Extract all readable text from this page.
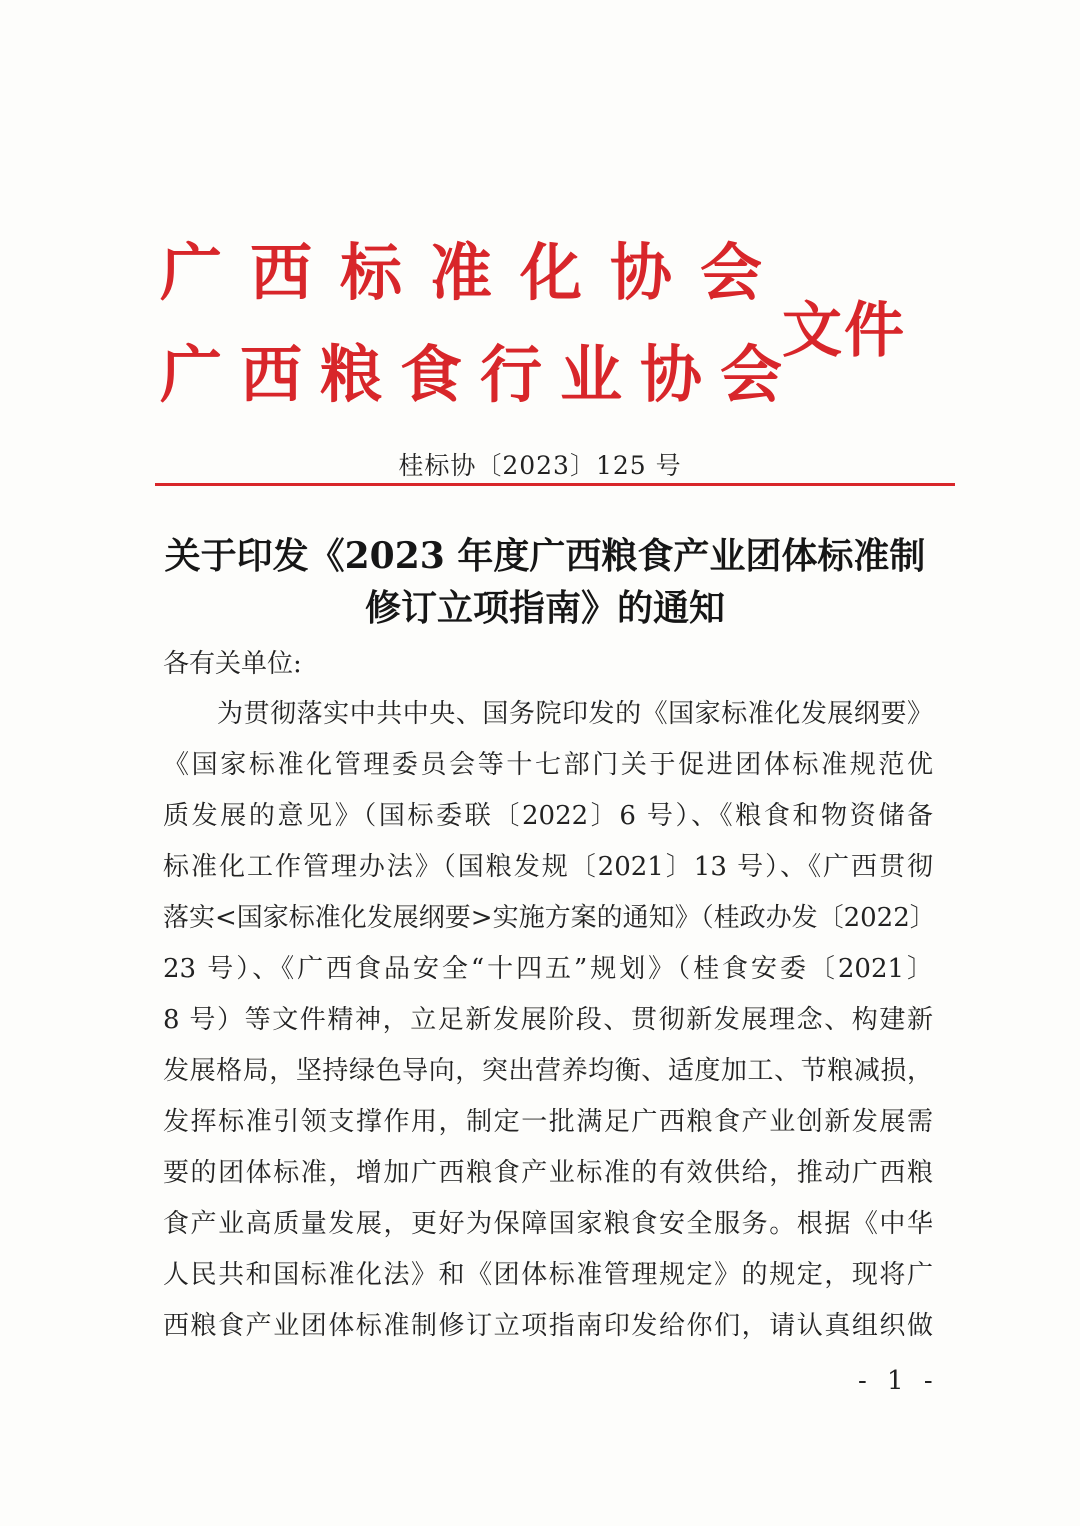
广 西 标 准 化 协 会
广 西 粮 食 行 业 协 会
文件
桂标协〔2023〕125 号
关于印发《2023 年度广西粮食产业团体标准制
修订立项指南》的通知
各有关单位:
为贯彻落实中共中央、国务院印发的《国家标准化发展纲要》
《国家标准化管理委员会等十七部门关于促进团体标准规范优
质发展的意见》（国标委联〔2022〕6 号）、《粮食和物资储备
标准化工作管理办法》（国粮发规〔2021〕13 号）、《广西贯彻
落实<国家标准化发展纲要>实施方案的通知》（桂政办发〔2022〕
23 号）、《广西食品安全“十四五”规划》（桂食安委〔2021〕
8 号）等文件精神，立足新发展阶段、贯彻新发展理念、构建新
发展格局，坚持绿色导向，突出营养均衡、适度加工、节粮减损，
发挥标准引领支撑作用，制定一批满足广西粮食产业创新发展需
要的团体标准，增加广西粮食产业标准的有效供给，推动广西粮
食产业高质量发展，更好为保障国家粮食安全服务。根据《中华
人民共和国标准化法》和《团体标准管理规定》的规定，现将广
西粮食产业团体标准制修订立项指南印发给你们，请认真组织做
- 1 -
